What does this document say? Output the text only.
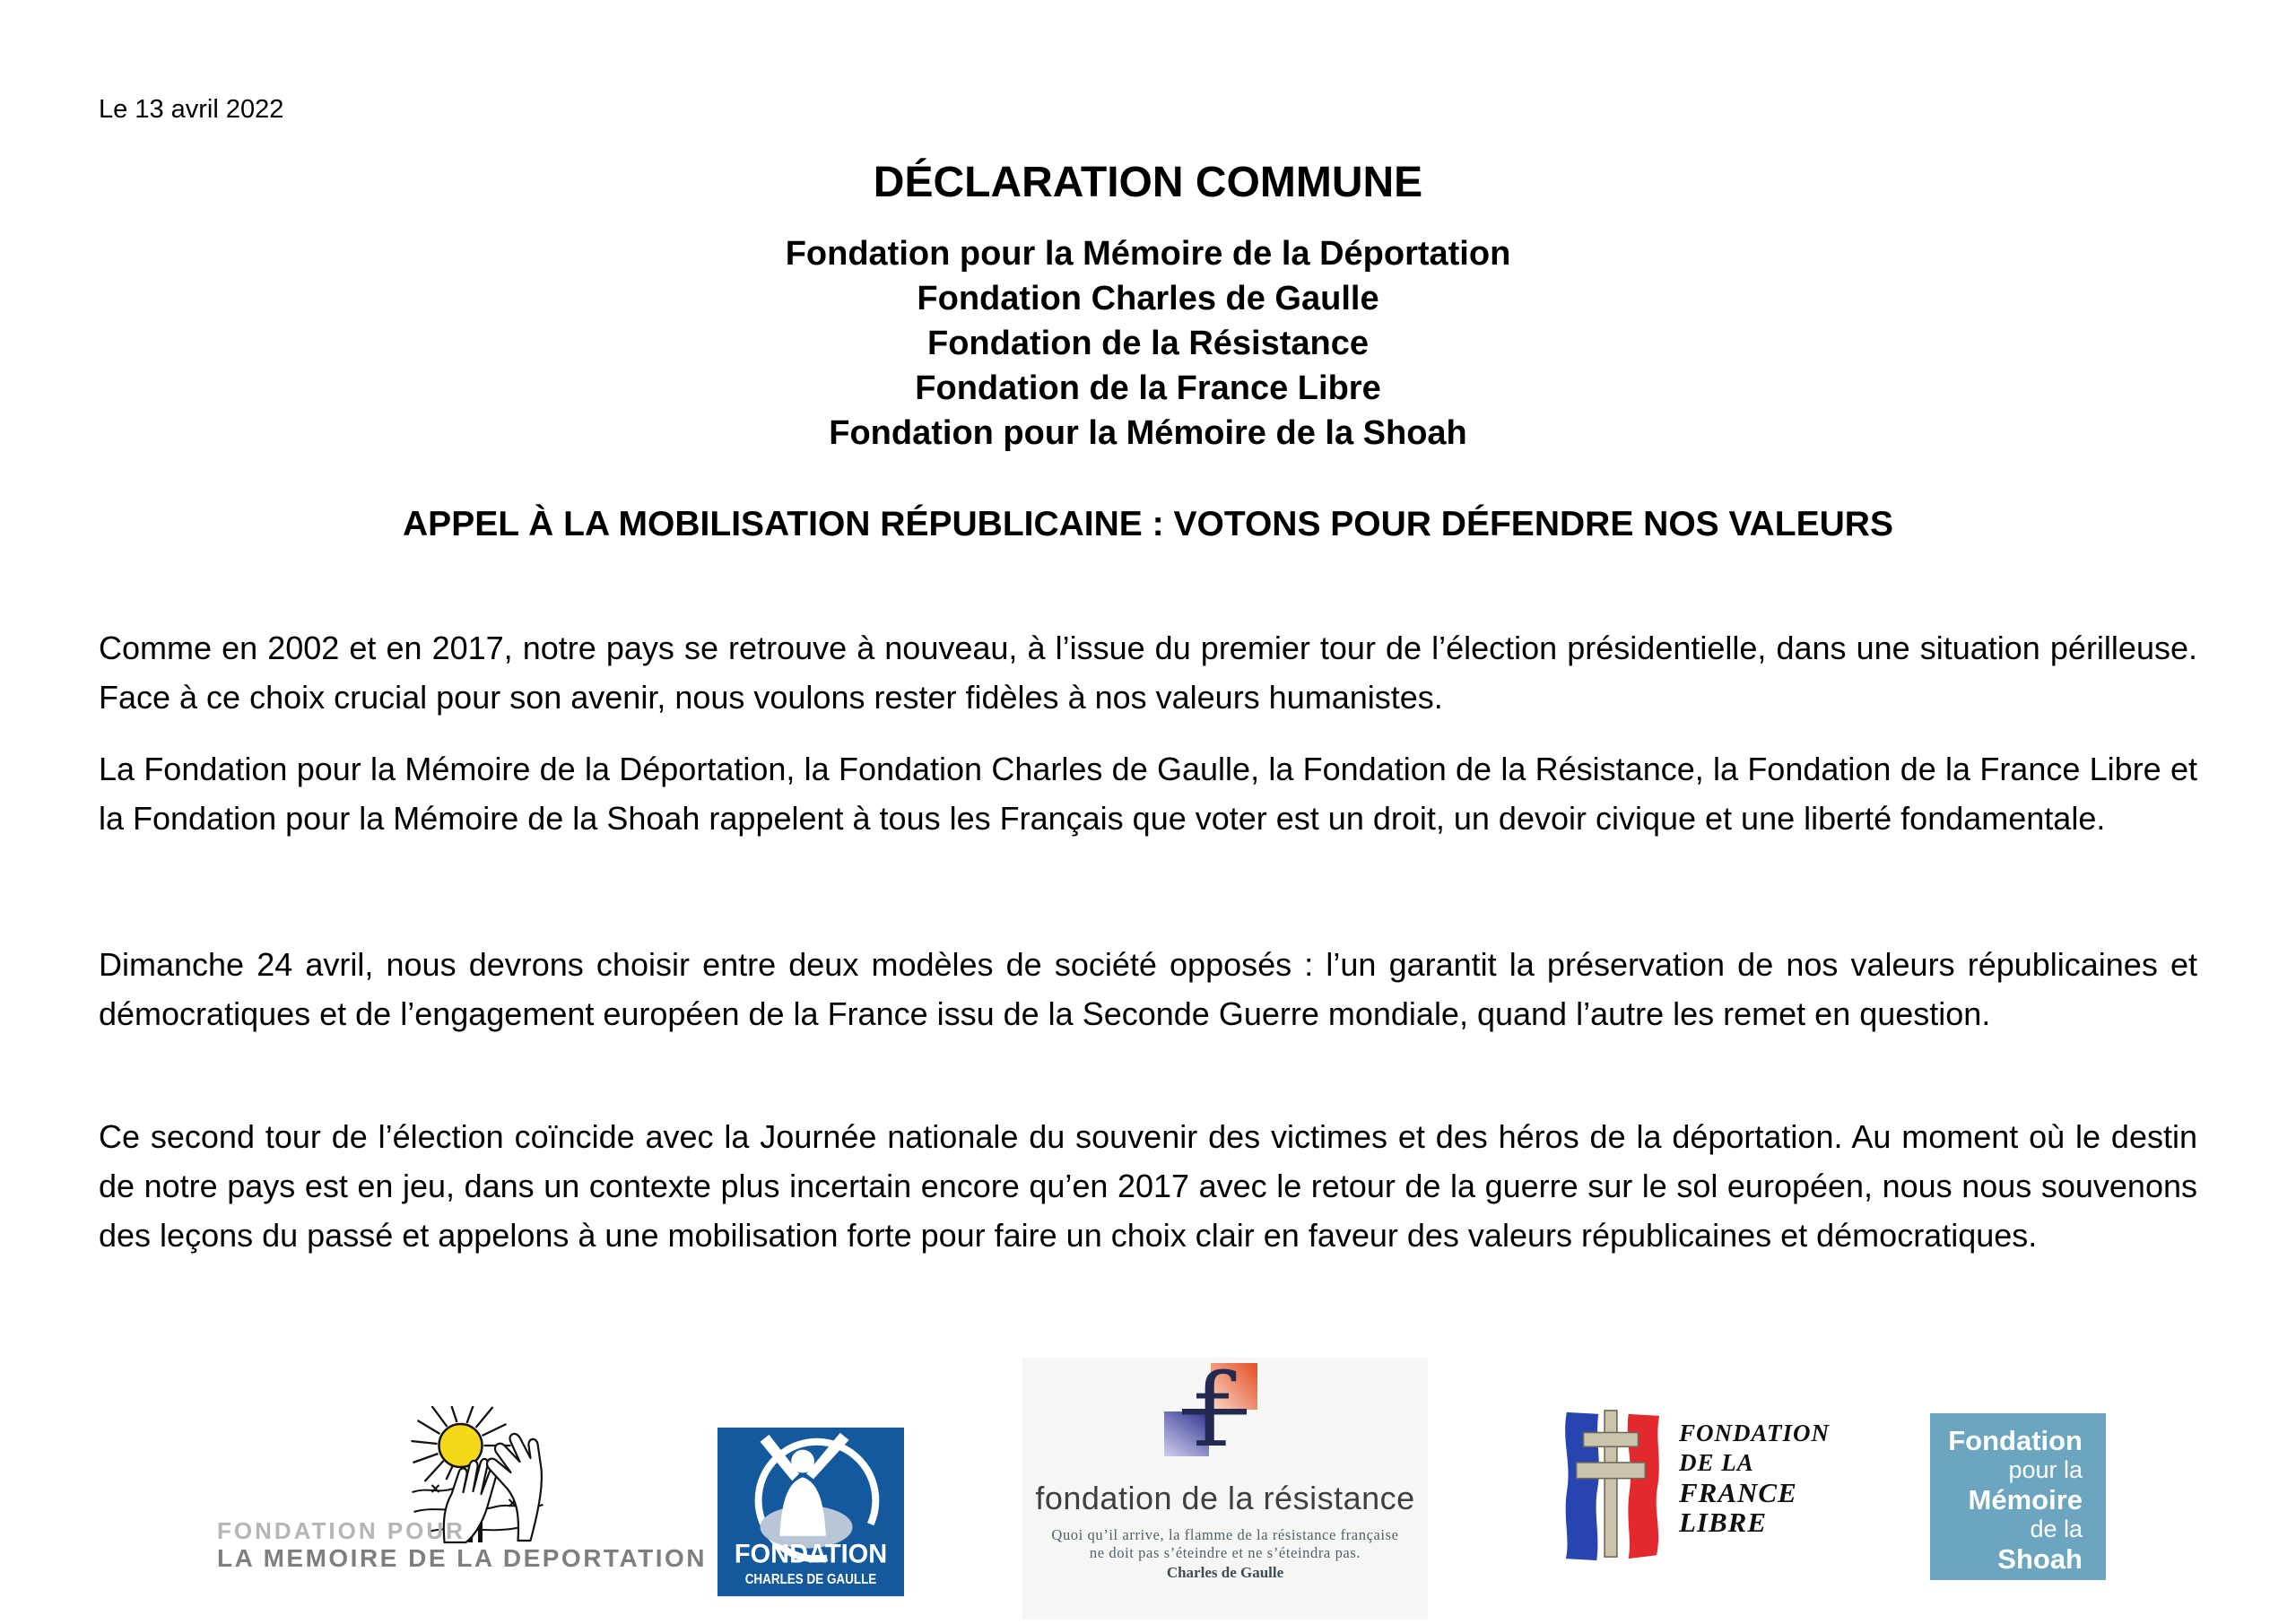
Le 13 avril 2022
DÉCLARATION COMMUNE
Fondation pour la Mémoire de la Déportation
Fondation Charles de Gaulle
Fondation de la Résistance
Fondation de la France Libre
Fondation pour la Mémoire de la Shoah
APPEL À LA MOBILISATION RÉPUBLICAINE : VOTONS POUR DÉFENDRE NOS VALEURS

Comme en 2002 et en 2017, notre pays se retrouve à nouveau, à l’issue du premier tour de l’élection présidentielle, dans une situation périlleuse. Face à ce choix crucial pour son avenir, nous voulons rester fidèles à nos valeurs humanistes.

La Fondation pour la Mémoire de la Déportation, la Fondation Charles de Gaulle, la Fondation de la Résistance, la Fondation de la France Libre et la Fondation pour la Mémoire de la Shoah rappelent à tous les Français que voter est un droit, un devoir civique et une liberté fondamentale.

Dimanche 24 avril, nous devrons choisir entre deux modèles de société opposés : l’un garantit la préservation de nos valeurs républicaines et démocratiques et de l’engagement européen de la France issu de la Seconde Guerre mondiale, quand l’autre les remet en question.

Ce second tour de l’élection coïncide avec la Journée nationale du souvenir des victimes et des héros de la déportation. Au moment où le destin de notre pays est en jeu, dans un contexte plus incertain encore qu’en 2017 avec le retour de la guerre sur le sol européen, nous nous souvenons des leçons du passé et appelons à une mobilisation forte pour faire un choix clair en faveur des valeurs républicaines et démocratiques.

FONDATION POUR
LA MEMOIRE DE LA DEPORTATION FONDATION
CHARLES DE GAULLE
f
fondation de la résistance
Quoi qu’il arrive, la flamme de la résistance française
ne doit pas s’éteindre et ne s’éteindra pas.
Charles de Gaulle
FONDATION
DE LA
FRANCE
LIBRE
Fondation
pour la
Mémoire
de la
Shoah
